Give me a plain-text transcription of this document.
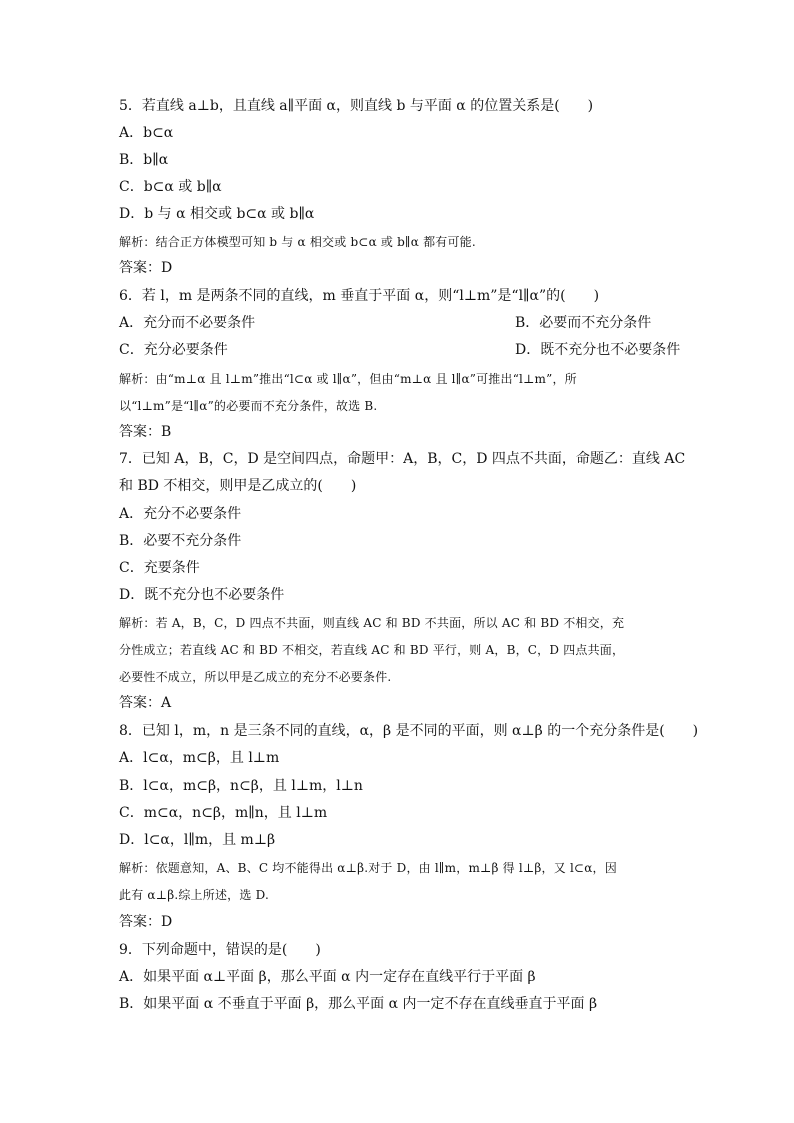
5．若直线 a⊥b，且直线 a∥平面 α，则直线 b 与平面 α 的位置关系是(　　)
A．b⊂α
B．b∥α
C．b⊂α 或 b∥α
D．b 与 α 相交或 b⊂α 或 b∥α
解析：结合正方体模型可知 b 与 α 相交或 b⊂α 或 b∥α 都有可能.
答案：D
6．若 l，m 是两条不同的直线，m 垂直于平面 α，则“l⊥m”是“l∥α”的(　　)
A．充分而不必要条件	B．必要而不充分条件
C．充分必要条件	D．既不充分也不必要条件
解析：由“m⊥α 且 l⊥m”推出“l⊂α 或 l∥α”，但由“m⊥α 且 l∥α”可推出“l⊥m”，所
以“l⊥m”是“l∥α”的必要而不充分条件，故选 B.
答案：B
7．已知 A，B，C，D 是空间四点，命题甲：A，B，C，D 四点不共面，命题乙：直线 AC
和 BD 不相交，则甲是乙成立的(　　)
A．充分不必要条件
B．必要不充分条件
C．充要条件
D．既不充分也不必要条件
解析：若 A，B，C，D 四点不共面，则直线 AC 和 BD 不共面，所以 AC 和 BD 不相交，充
分性成立；若直线 AC 和 BD 不相交，若直线 AC 和 BD 平行，则 A，B，C，D 四点共面，
必要性不成立，所以甲是乙成立的充分不必要条件.
答案：A
8．已知 l，m，n 是三条不同的直线，α，β 是不同的平面，则 α⊥β 的一个充分条件是(　　)
A．l⊂α，m⊂β，且 l⊥m
B．l⊂α，m⊂β，n⊂β，且 l⊥m，l⊥n
C．m⊂α，n⊂β，m∥n，且 l⊥m
D．l⊂α，l∥m，且 m⊥β
解析：依题意知，A、B、C 均不能得出 α⊥β.对于 D，由 l∥m，m⊥β 得 l⊥β，又 l⊂α，因
此有 α⊥β.综上所述，选 D.
答案：D
9．下列命题中，错误的是(　　)
A．如果平面 α⊥平面 β，那么平面 α 内一定存在直线平行于平面 β
B．如果平面 α 不垂直于平面 β，那么平面 α 内一定不存在直线垂直于平面 β
